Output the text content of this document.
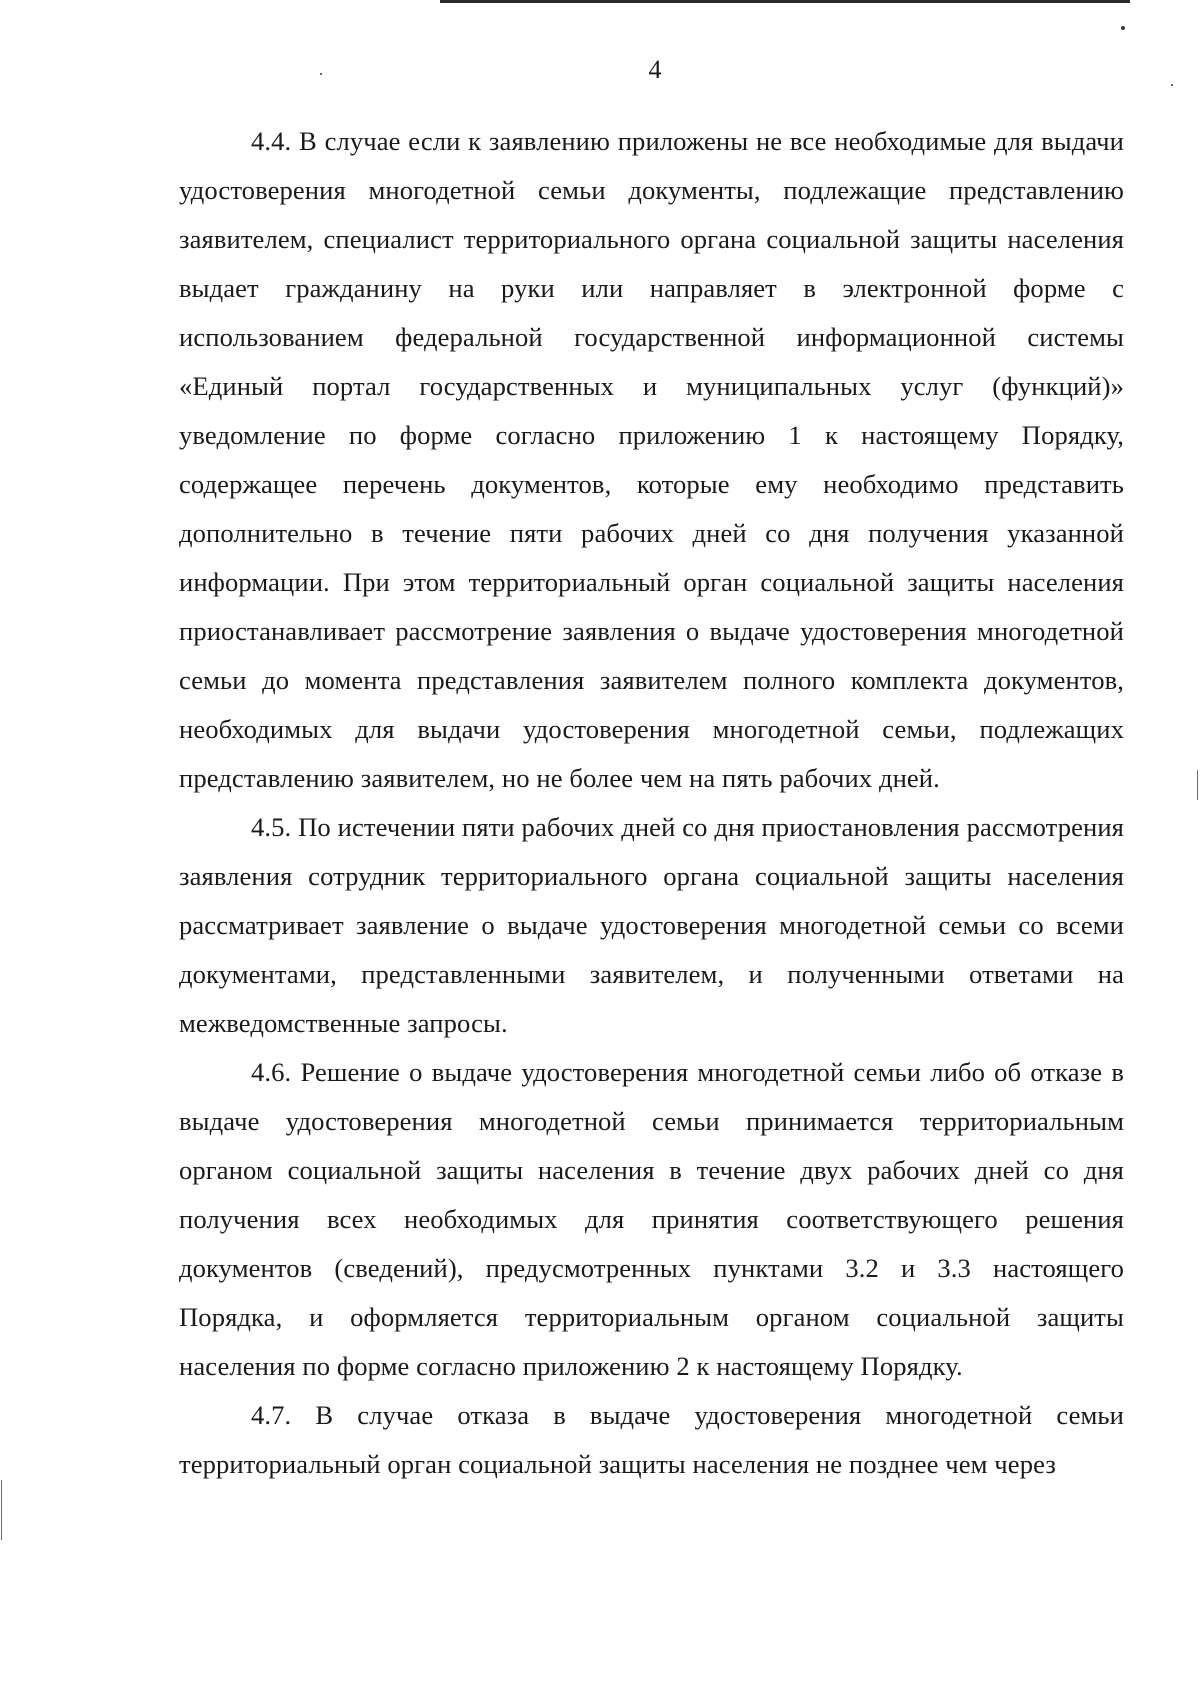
4

4.4. В случае если к заявлению приложены не все необходимые для выдачи удостоверения многодетной семьи документы, подлежащие представлению заявителем, специалист территориального органа социальной защиты населения выдает гражданину на руки или направляет в электронной форме с использованием федеральной государственной информационной системы «Единый портал государственных и муниципальных услуг (функций)» уведомление по форме согласно приложению 1 к настоящему Порядку, содержащее перечень документов, которые ему необходимо представить дополнительно в течение пяти рабочих дней со дня получения указанной информации. При этом территориальный орган социальной защиты населения приостанавливает рассмотрение заявления о выдаче удостоверения многодетной семьи до момента представления заявителем полного комплекта документов, необходимых для выдачи удостоверения многодетной семьи, подлежащих представлению заявителем, но не более чем на пять рабочих дней.

4.5. По истечении пяти рабочих дней со дня приостановления рассмотрения заявления сотрудник территориального органа социальной защиты населения рассматривает заявление о выдаче удостоверения многодетной семьи со всеми документами, представленными заявителем, и полученными ответами на межведомственные запросы.

4.6. Решение о выдаче удостоверения многодетной семьи либо об отказе в выдаче удостоверения многодетной семьи принимается территориальным органом социальной защиты населения в течение двух рабочих дней со дня получения всех необходимых для принятия соответствующего решения документов (сведений), предусмотренных пунктами 3.2 и 3.3 настоящего Порядка, и оформляется территориальным органом социальной защиты населения по форме согласно приложению 2 к настоящему Порядку.

4.7. В случае отказа в выдаче удостоверения многодетной семьи территориальный орган социальной защиты населения не позднее чем через
